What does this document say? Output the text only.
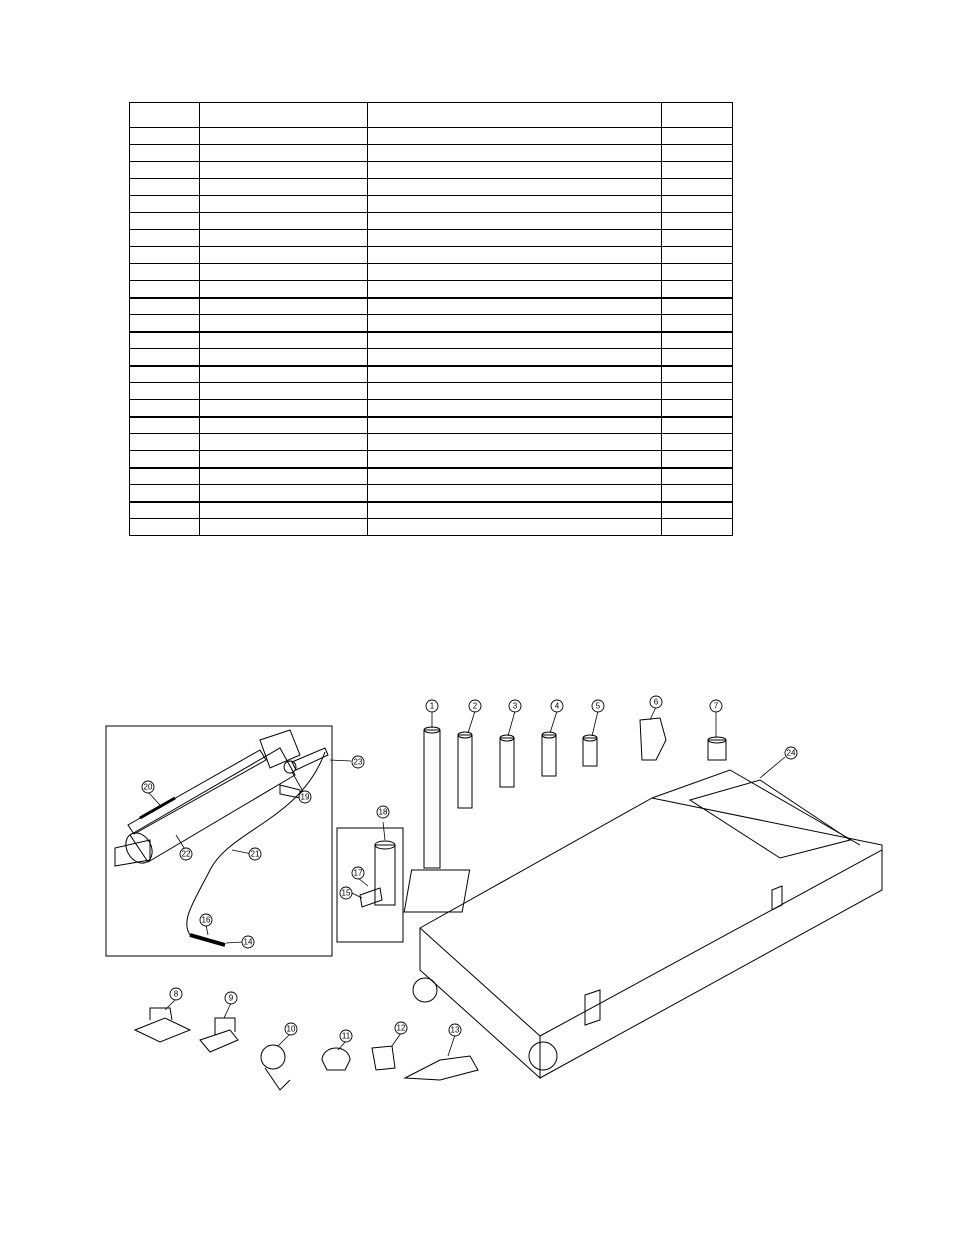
1	2	3	4	5	6	7
8	9
10
11
12	13
14
15
16
17
18
19
20
21
22
23
24
